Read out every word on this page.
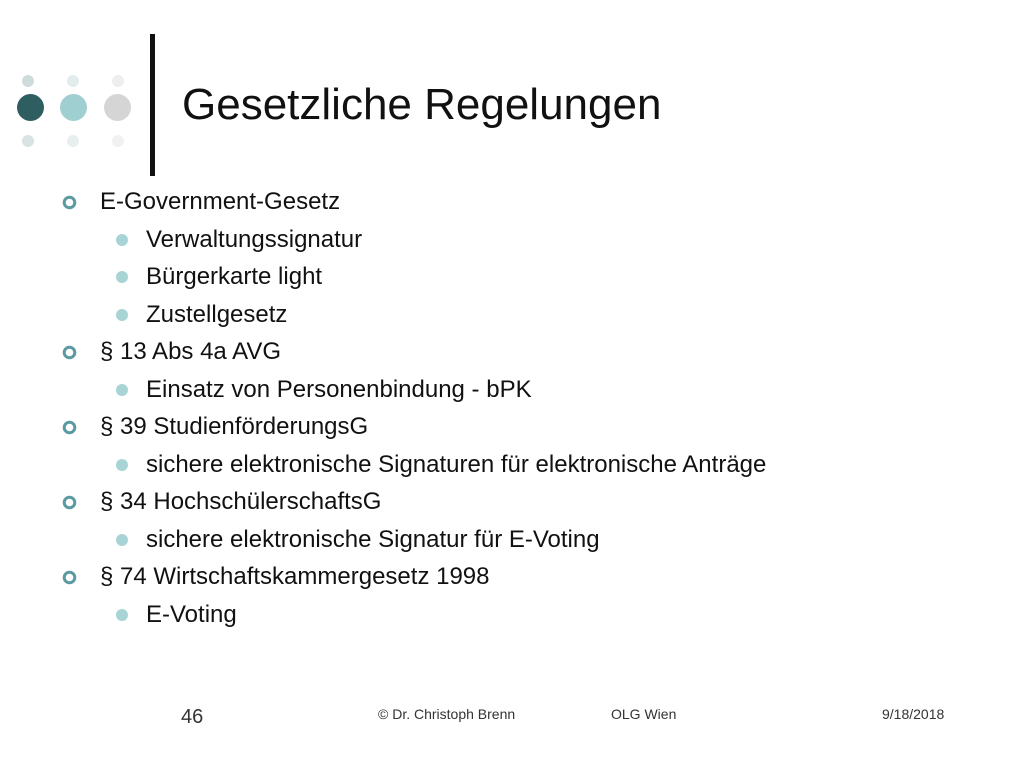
Gesetzliche Regelungen
E-Government-Gesetz
Verwaltungssignatur
Bürgerkarte light
Zustellgesetz
§ 13 Abs 4a AVG
Einsatz von Personenbindung - bPK
§ 39 StudienförderungsG
sichere elektronische Signaturen für elektronische Anträge
§ 34 HochschülerschaftsG
sichere elektronische Signatur für E-Voting
§ 74 Wirtschaftskammergesetz 1998
E-Voting
46	© Dr. Christoph Brenn	OLG Wien	9/18/2018
